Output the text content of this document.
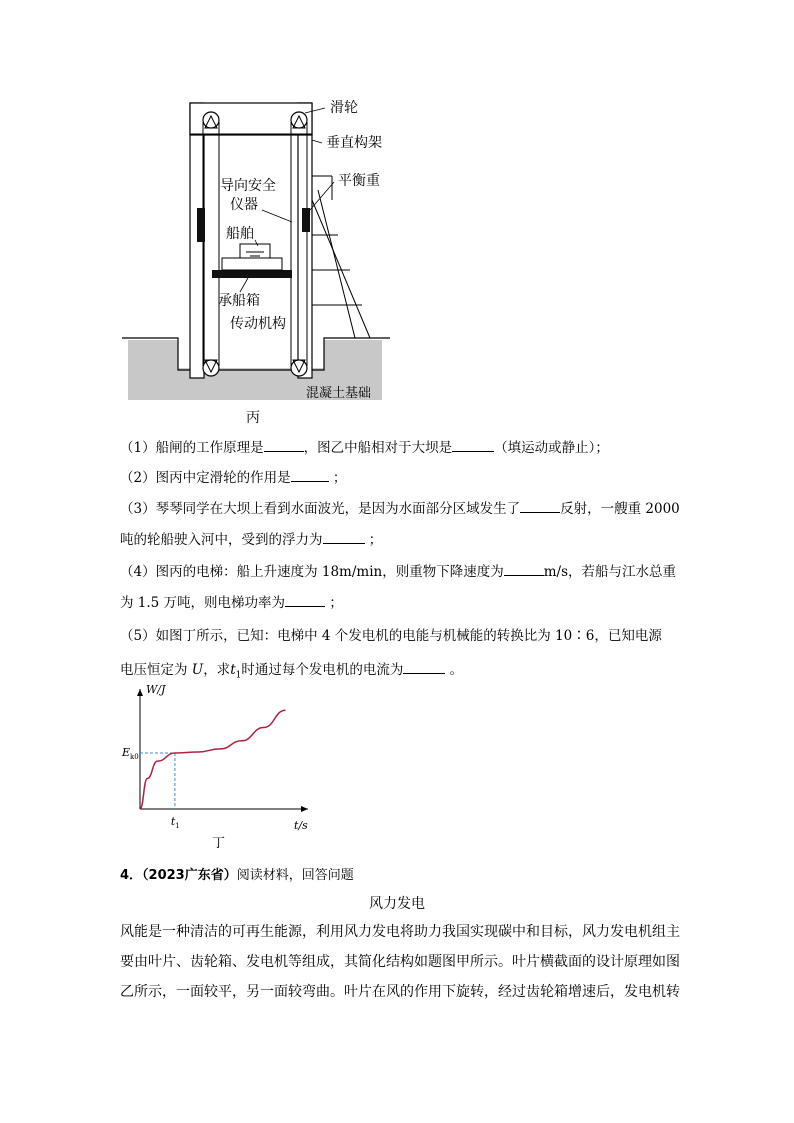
滑轮
垂直构架
平衡重
导向安全
仪器
船舶
承船箱
传动机构
混凝土基础
丙
（1）船闸的工作原理是	，图乙中船相对于大坝是	（填运动或静止）；
（2）图丙中定滑轮的作用是	；
（3）琴琴同学在大坝上看到水面波光，是因为水面部分区域发生了	反射，一艘重 2000
吨的轮船驶入河中，受到的浮力为	；
（4）图丙的电梯：船上升速度为 18m/min，则重物下降速度为	m/s，若船与江水总重
为 1.5 万吨，则电梯功率为	；
（5）如图丁所示，已知：电梯中 4 个发电机的电能与机械能的转换比为 10∶6，已知电源
电压恒定为 U，求$t_1$时通过每个发电机的电流为	。
W/J
t/s
$E_{k0}$
$t_1$
丁
4．（2023广东省）阅读材料，回答问题
风力发电
风能是一种清洁的可再生能源，利用风力发电将助力我国实现碳中和目标，风力发电机组主要由叶片、齿轮箱、发电机等组成，其简化结构如题图甲所示。叶片横截面的设计原理如图乙所示，一面较平，另一面较弯曲。叶片在风的作用下旋转，经过齿轮箱增速后，发电机转
